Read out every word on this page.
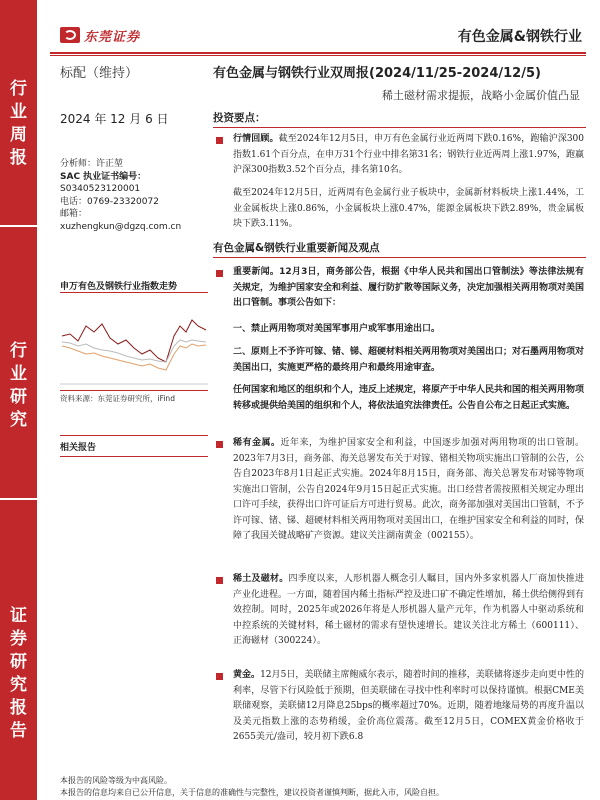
行业周报
行业研究
证券研究报告
东莞证券	有色金属&钢铁行业
标配（维持）	有色金属与钢铁行业双周报(2024/11/25-2024/12/5)
稀土磁材需求提振，战略小金属价值凸显
2024 年 12 月 6 日
分析师：许正堃
SAC 执业证书编号：
S0340523120001
电话：0769-23320072
邮箱：
xuzhengkun@dgzq.com.cn
申万有色及钢铁行业指数走势
资料来源：东莞证券研究所，iFind
相关报告
投资要点：
行情回顾。截至2024年12月5日，申万有色金属行业近两周下跌0.16%，跑输沪深300指数1.61个百分点，在申万31个行业中排名第31名；钢铁行业近两周上涨1.97%，跑赢沪深300指数3.52个百分点，排名第10名。
截至2024年12月5日，近两周有色金属行业子板块中，金属新材料板块上涨1.44%，工业金属板块上涨0.86%，小金属板块上涨0.47%，能源金属板块下跌2.89%，贵金属板块下跌3.11%。
有色金属&钢铁行业重要新闻及观点
重要新闻。12月3日，商务部公告，根据《中华人民共和国出口管制法》等法律法规有关规定，为维护国家安全和利益、履行防扩散等国际义务，决定加强相关两用物项对美国出口管制。事项公告如下：
一、禁止两用物项对美国军事用户或军事用途出口。
二、原则上不予许可镓、锗、锑、超硬材料相关两用物项对美国出口；对石墨两用物项对美国出口，实施更严格的最终用户和最终用途审查。
任何国家和地区的组织和个人，违反上述规定，将原产于中华人民共和国的相关两用物项转移或提供给美国的组织和个人，将依法追究法律责任。公告自公布之日起正式实施。
稀有金属。近年来，为维护国家安全和利益，中国逐步加强对两用物项的出口管制。2023年7月3日，商务部、海关总署发布关于对镓、锗相关物项实施出口管制的公告，公告自2023年8月1日起正式实施。2024年8月15日，商务部、海关总署发布对锑等物项实施出口管制，公告自2024年9月15日起正式实施。出口经营者需按照相关规定办理出口许可手续，获得出口许可证后方可进行贸易。此次，商务部加强对美国出口管制，不予许可镓、锗、锑、超硬材料相关两用物项对美国出口，在维护国家安全和利益的同时，保障了我国关键战略矿产资源。建议关注湖南黄金（002155）。
稀土及磁材。四季度以来，人形机器人概念引人瞩目，国内外多家机器人厂商加快推进产业化进程。一方面，随着国内稀土指标严控及进口矿不确定性增加，稀土供给侧得到有效控制。同时，2025年或2026年将是人形机器人量产元年，作为机器人中驱动系统和中控系统的关键材料，稀土磁材的需求有望快速增长。建议关注北方稀土（600111）、正海磁材（300224）。
黄金。12月5日，美联储主席鲍威尔表示，随着时间的推移，美联储将逐步走向更中性的利率，尽管下行风险低于预期，但美联储在寻找中性利率时可以保持谨慎。根据CME美联储观察，美联储12月降息25bps的概率超过70%。近期，随着地缘局势的再度升温以及美元指数上涨的态势稍缓，金价高位震荡。截至12月5日，COMEX黄金价格收于2655美元/盎司，较月初下跌6.8
本报告的风险等级为中高风险。
本报告的信息均来自已公开信息，关于信息的准确性与完整性，建议投资者谨慎判断，据此入市，风险自担。
